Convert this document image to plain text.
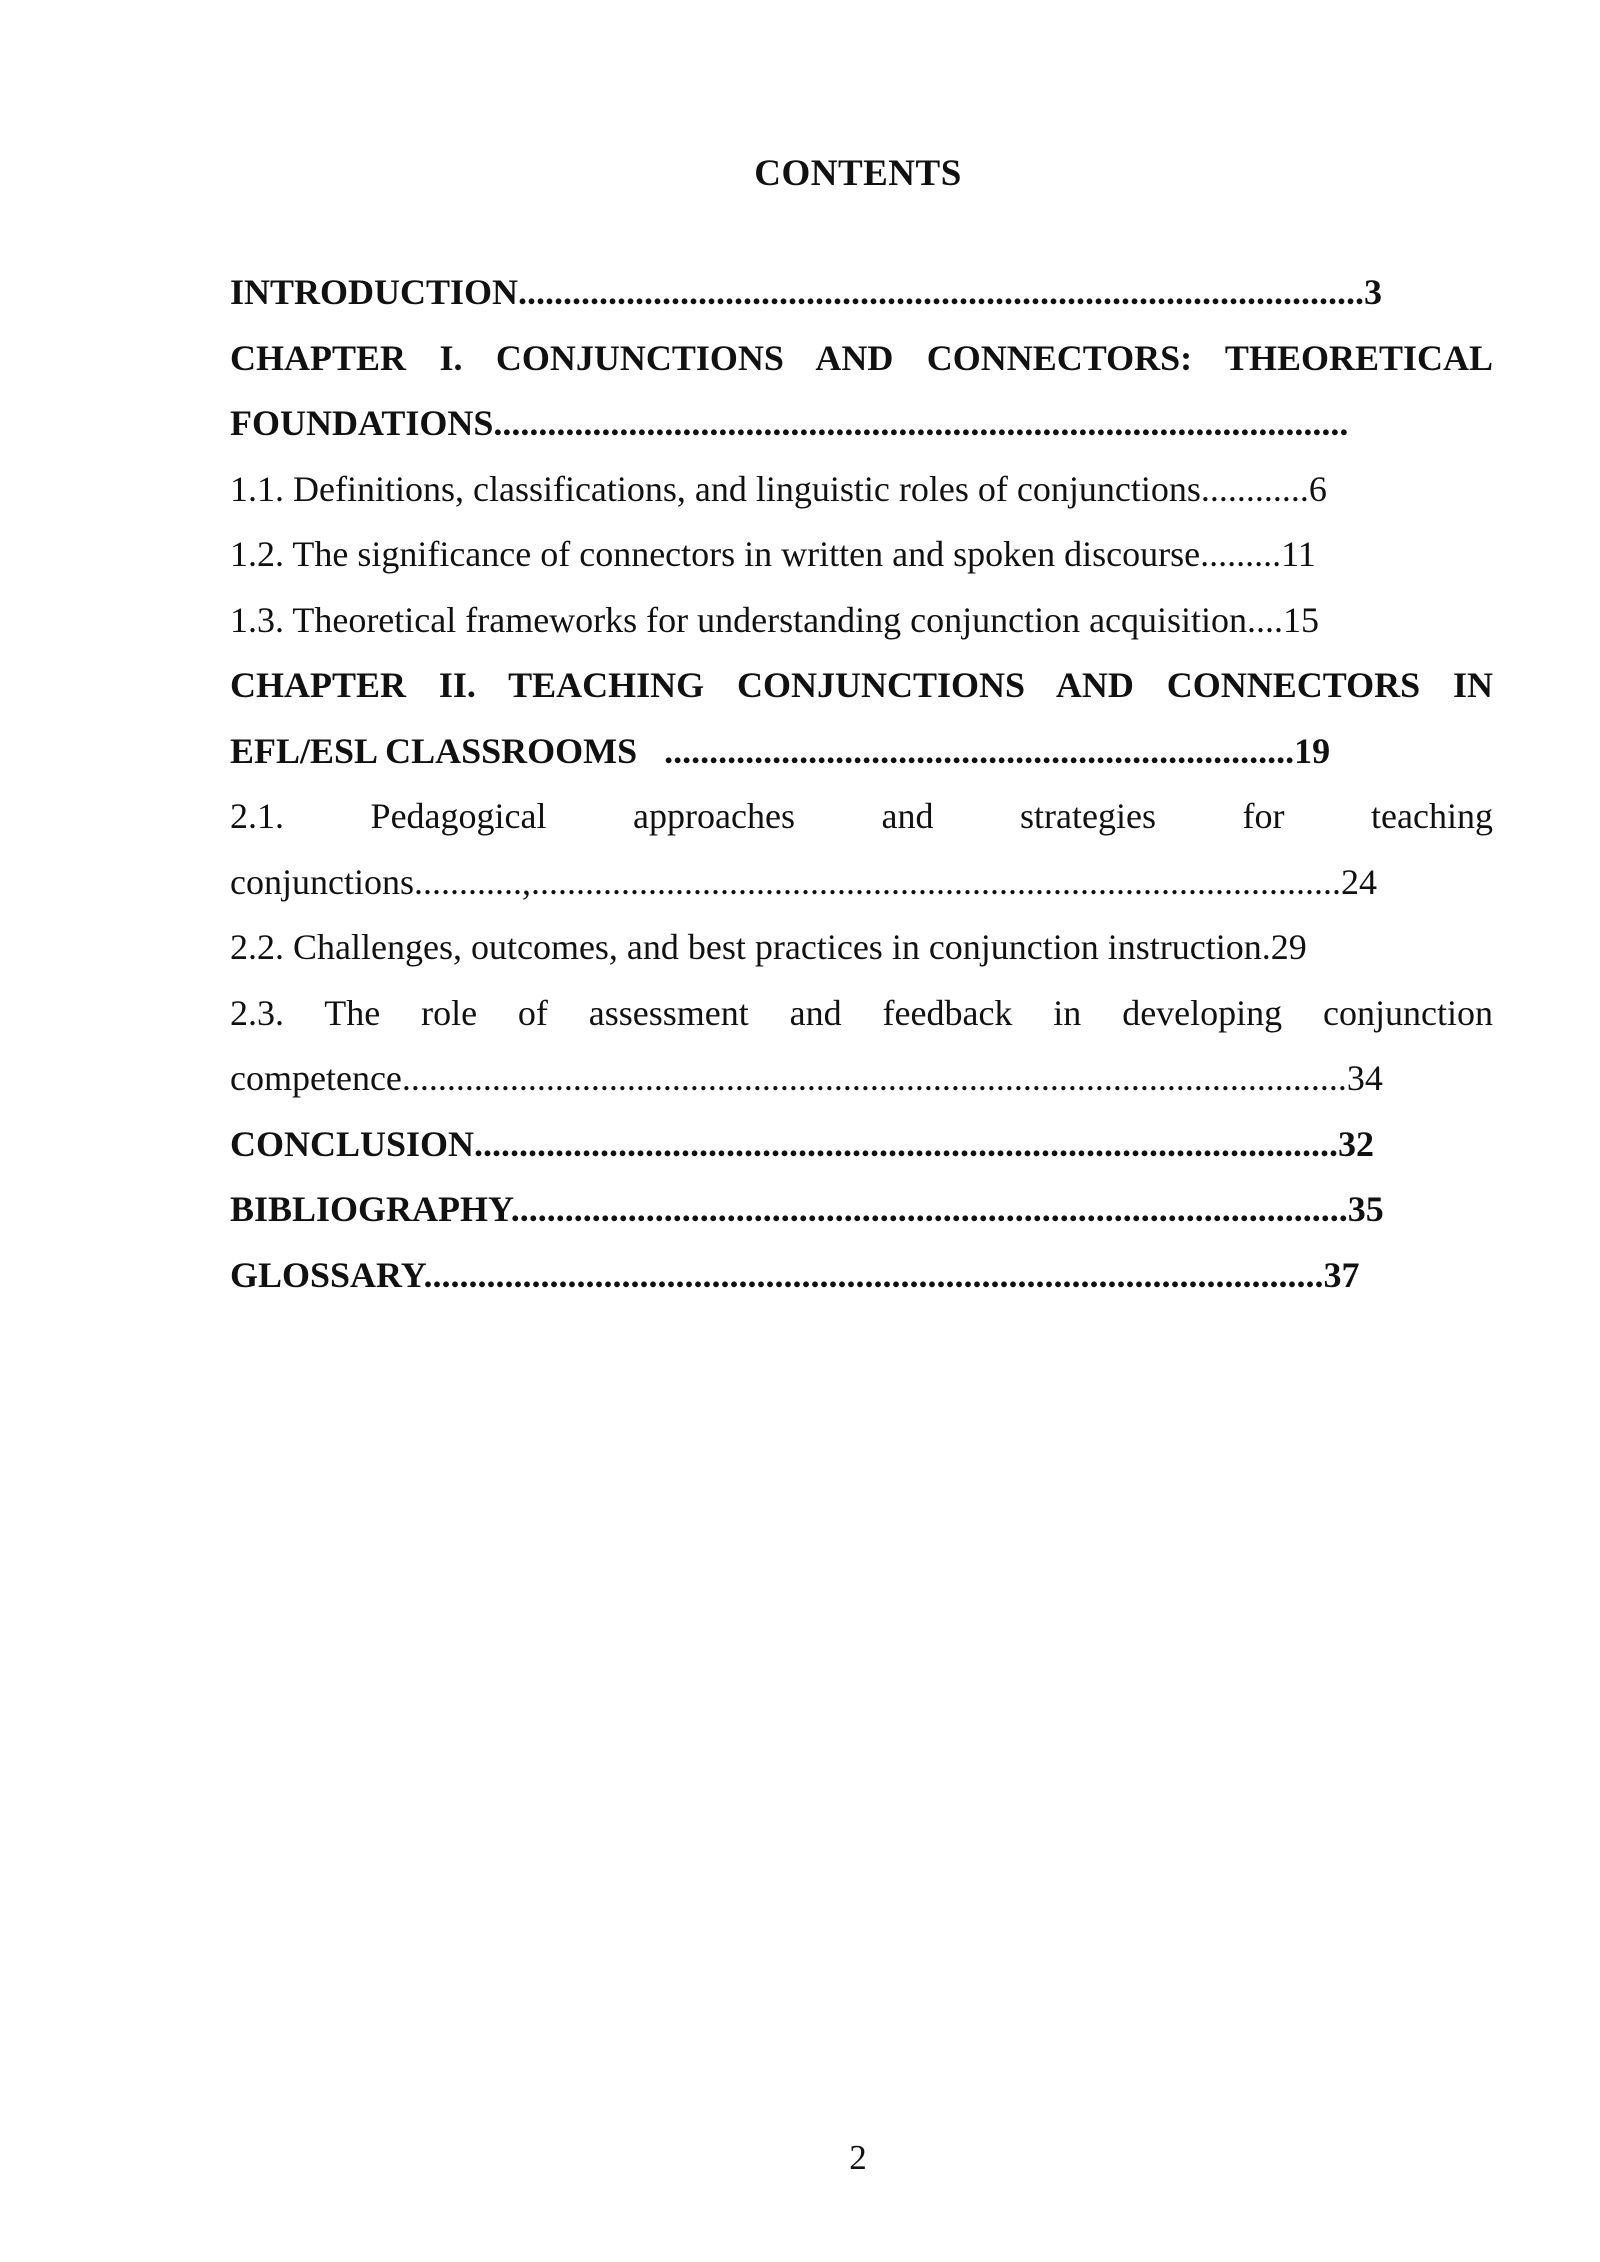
CONTENTS
INTRODUCTION..............................................................................................3
CHAPTER I. CONJUNCTIONS AND CONNECTORS: THEORETICAL
FOUNDATIONS...............................................................................................
1.1. Definitions, classifications, and linguistic roles of conjunctions............6
1.2. The significance of connectors in written and spoken discourse.........11
1.3. Theoretical frameworks for understanding conjunction acquisition....15
CHAPTER II. TEACHING CONJUNCTIONS AND CONNECTORS IN
EFL/ESL CLASSROOMS   ......................................................................19
2.1. Pedagogical approaches and strategies for teaching
conjunctions............,..........................................................................................24
2.2. Challenges, outcomes, and best practices in conjunction instruction.29
2.3. The role of assessment and feedback in developing conjunction
competence.........................................................................................................34
CONCLUSION................................................................................................32
BIBLIOGRAPHY.............................................................................................35
GLOSSARY....................................................................................................37
2
